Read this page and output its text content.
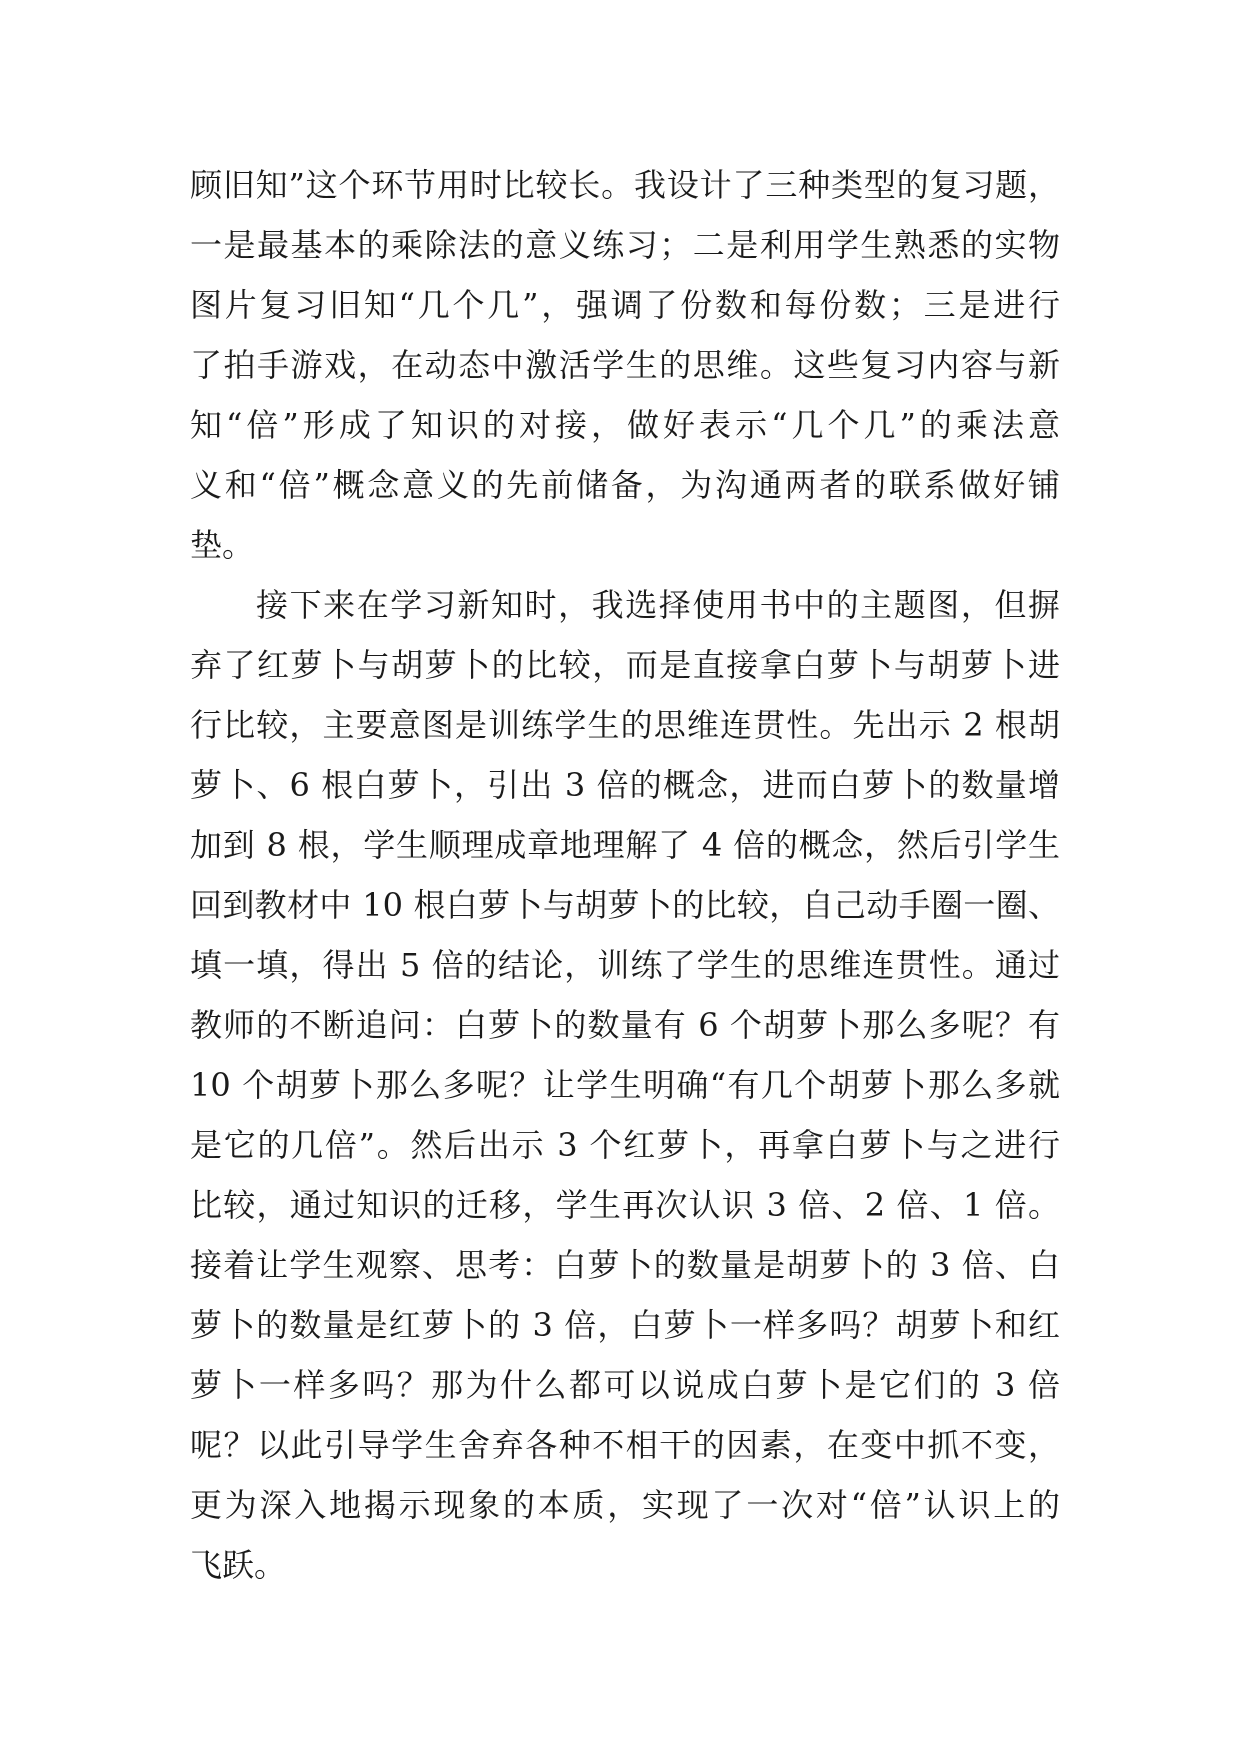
顾旧知”这个环节用时比较长。我设计了三种类型的复习题，
一是最基本的乘除法的意义练习；二是利用学生熟悉的实物
图片复习旧知“几个几”，强调了份数和每份数；三是进行
了拍手游戏，在动态中激活学生的思维。这些复习内容与新
知“倍”形成了知识的对接，做好表示“几个几”的乘法意
义和“倍”概念意义的先前储备，为沟通两者的联系做好铺
垫。
接下来在学习新知时，我选择使用书中的主题图，但摒
弃了红萝卜与胡萝卜的比较，而是直接拿白萝卜与胡萝卜进
行比较，主要意图是训练学生的思维连贯性。先出示 2 根胡
萝卜、6 根白萝卜，引出 3 倍的概念，进而白萝卜的数量增
加到 8 根，学生顺理成章地理解了 4 倍的概念，然后引学生
回到教材中 10 根白萝卜与胡萝卜的比较，自己动手圈一圈、
填一填，得出 5 倍的结论，训练了学生的思维连贯性。通过
教师的不断追问：白萝卜的数量有 6 个胡萝卜那么多呢？有
10 个胡萝卜那么多呢？让学生明确“有几个胡萝卜那么多就
是它的几倍”。然后出示 3 个红萝卜，再拿白萝卜与之进行
比较，通过知识的迁移，学生再次认识 3 倍、2 倍、1 倍。
接着让学生观察、思考：白萝卜的数量是胡萝卜的 3 倍、白
萝卜的数量是红萝卜的 3 倍，白萝卜一样多吗？胡萝卜和红
萝卜一样多吗？那为什么都可以说成白萝卜是它们的 3 倍
呢？以此引导学生舍弃各种不相干的因素，在变中抓不变，
更为深入地揭示现象的本质，实现了一次对“倍”认识上的
飞跃。
